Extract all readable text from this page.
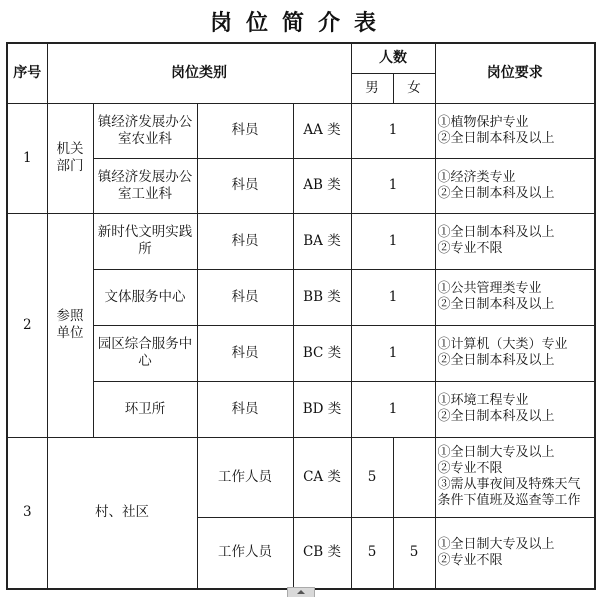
岗位简介表
序号	岗位类别				人数		岗位要求
					男	女	
1	机关部门	镇经济发展办公室农业科	科员	AA 类	1		①植物保护专业
②全日制本科及以上

		镇经济发展办公室工业科	科员	AB 类	1		①经济类专业
②全日制本科及以上

2	参照单位	新时代文明实践所	科员	BA 类	1		①全日制本科及以上
②专业不限

		文体服务中心	科员	BB 类	1		①公共管理类专业
②全日制本科及以上

		园区综合服务中心	科员	BC 类	1		①计算机（大类）专业
②全日制本科及以上

		环卫所	科员	BD 类	1		①环境工程专业
②全日制本科及以上

3	村、社区		工作人员	CA 类	5		①全日制大专及以上
②专业不限
③需从事夜间及特殊天气
条件下值班及巡查等工作

			工作人员	CB 类	5	5	①全日制大专及以上
②专业不限
